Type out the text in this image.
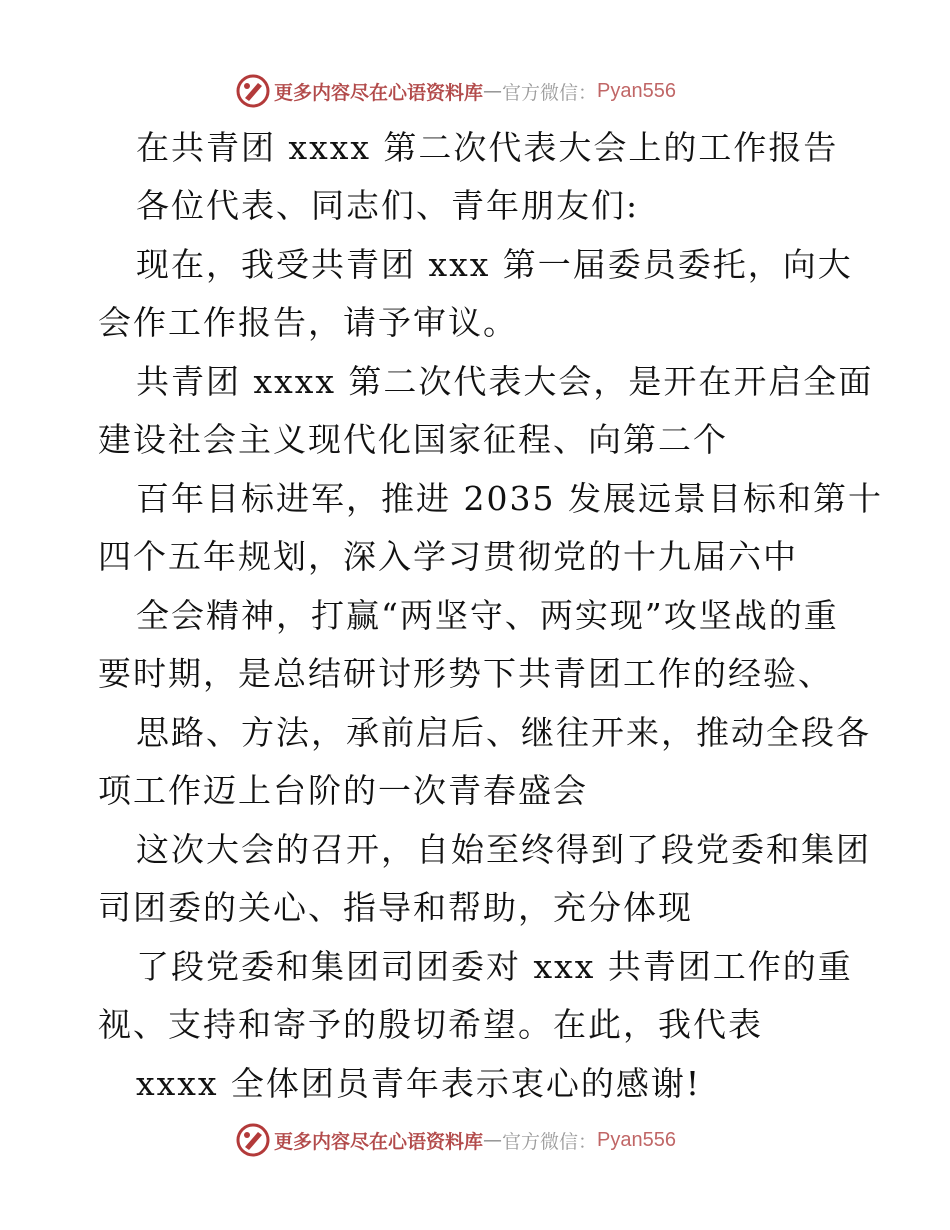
更多内容尽在心语资料库 — 官方微信： Pyan556
在共青团 xxxx 第二次代表大会上的工作报告
各位代表、同志们、青年朋友们:
现在，我受共青团 xxx 第一届委员委托，向大
会作工作报告，请予审议。
共青团 xxxx 第二次代表大会，是开在开启全面
建设社会主义现代化国家征程、向第二个
百年目标进军，推进 2035 发展远景目标和第十
四个五年规划，深入学习贯彻党的十九届六中
全会精神，打赢“两坚守、两实现”攻坚战的重
要时期，是总结研讨形势下共青团工作的经验、
思路、方法，承前启后、继往开来，推动全段各
项工作迈上台阶的一次青春盛会
这次大会的召开，自始至终得到了段党委和集团
司团委的关心、指导和帮助，充分体现
了段党委和集团司团委对 xxx 共青团工作的重
视、支持和寄予的殷切希望。在此，我代表
xxxx 全体团员青年表示衷心的感谢!
更多内容尽在心语资料库 — 官方微信： Pyan556
